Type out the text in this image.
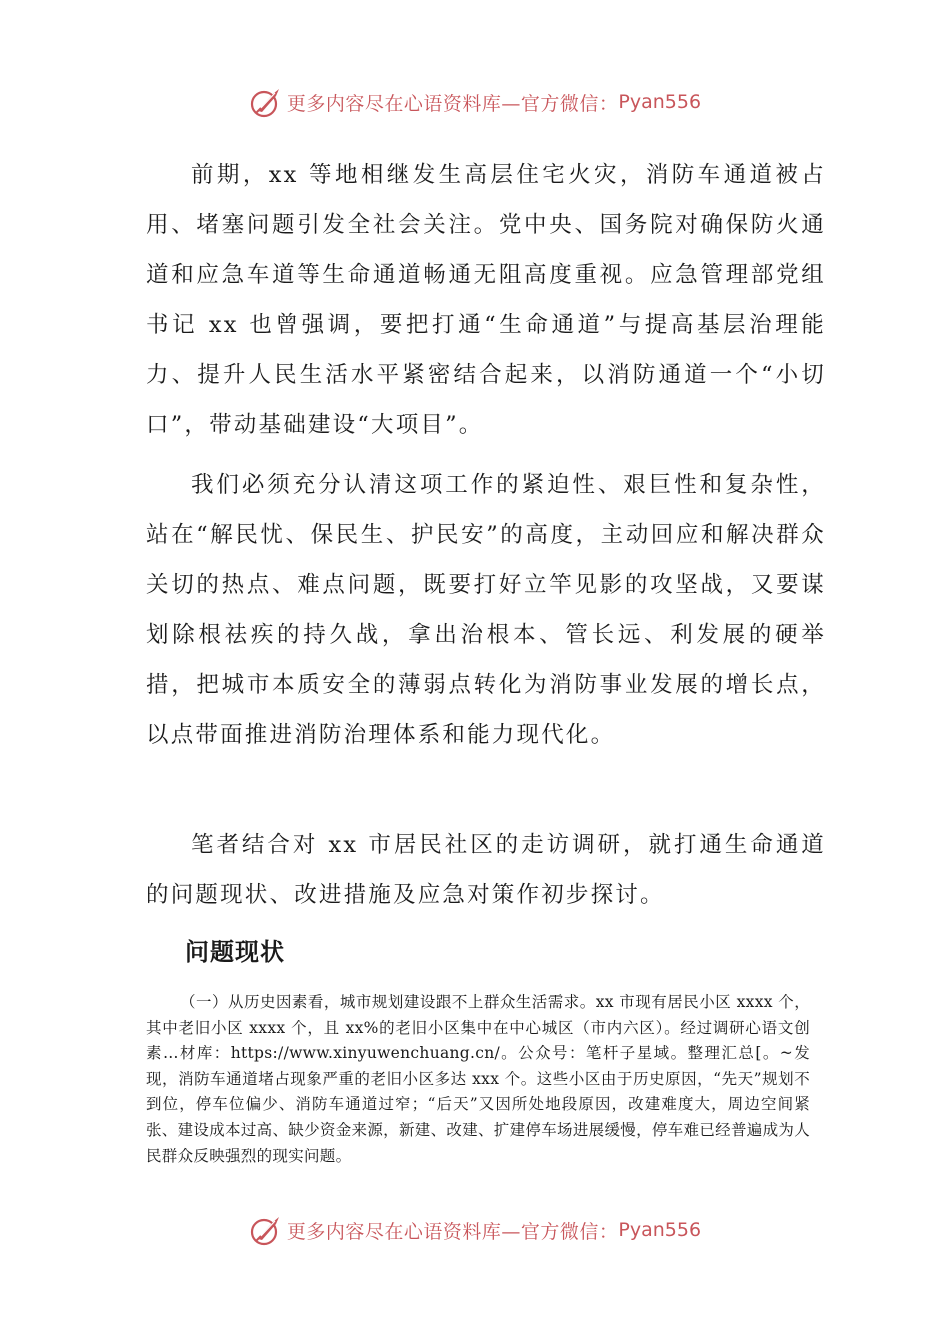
更多内容尽在心语资料库—官方微信： Pyan556

前期，xx 等地相继发生高层住宅火灾，消防车通道被占用、堵塞问题引发全社会关注。党中央、国务院对确保防火通道和应急车道等生命通道畅通无阻高度重视。应急管理部党组书记 xx 也曾强调，要把打通“生命通道”与提高基层治理能力、提升人民生活水平紧密结合起来，以消防通道一个“小切口”，带动基础建设“大项目”。

我们必须充分认清这项工作的紧迫性、艰巨性和复杂性，站在“解民忧、保民生、护民安”的高度，主动回应和解决群众关切的热点、难点问题，既要打好立竿见影的攻坚战，又要谋划除根祛疾的持久战，拿出治根本、管长远、利发展的硬举措，把城市本质安全的薄弱点转化为消防事业发展的增长点，以点带面推进消防治理体系和能力现代化。

笔者结合对 xx 市居民社区的走访调研，就打通生命通道的问题现状、改进措施及应急对策作初步探讨。

问题现状

（一）从历史因素看，城市规划建设跟不上群众生活需求。xx 市现有居民小区 xxxx 个，其中老旧小区 xxxx 个，且 xx%的老旧小区集中在中心城区（市内六区）。经过调研心语文创素…材库：https://www.xinyuwenchuang.cn/。公众号：笔杆子星域。整理汇总[。~发现，消防车通道堵占现象严重的老旧小区多达 xxx 个。这些小区由于历史原因，“先天”规划不到位，停车位偏少、消防车通道过窄；“后天”又因所处地段原因，改建难度大，周边空间紧张、建设成本过高、缺少资金来源，新建、改建、扩建停车场进展缓慢，停车难已经普遍成为人民群众反映强烈的现实问题。

更多内容尽在心语资料库—官方微信： Pyan556
